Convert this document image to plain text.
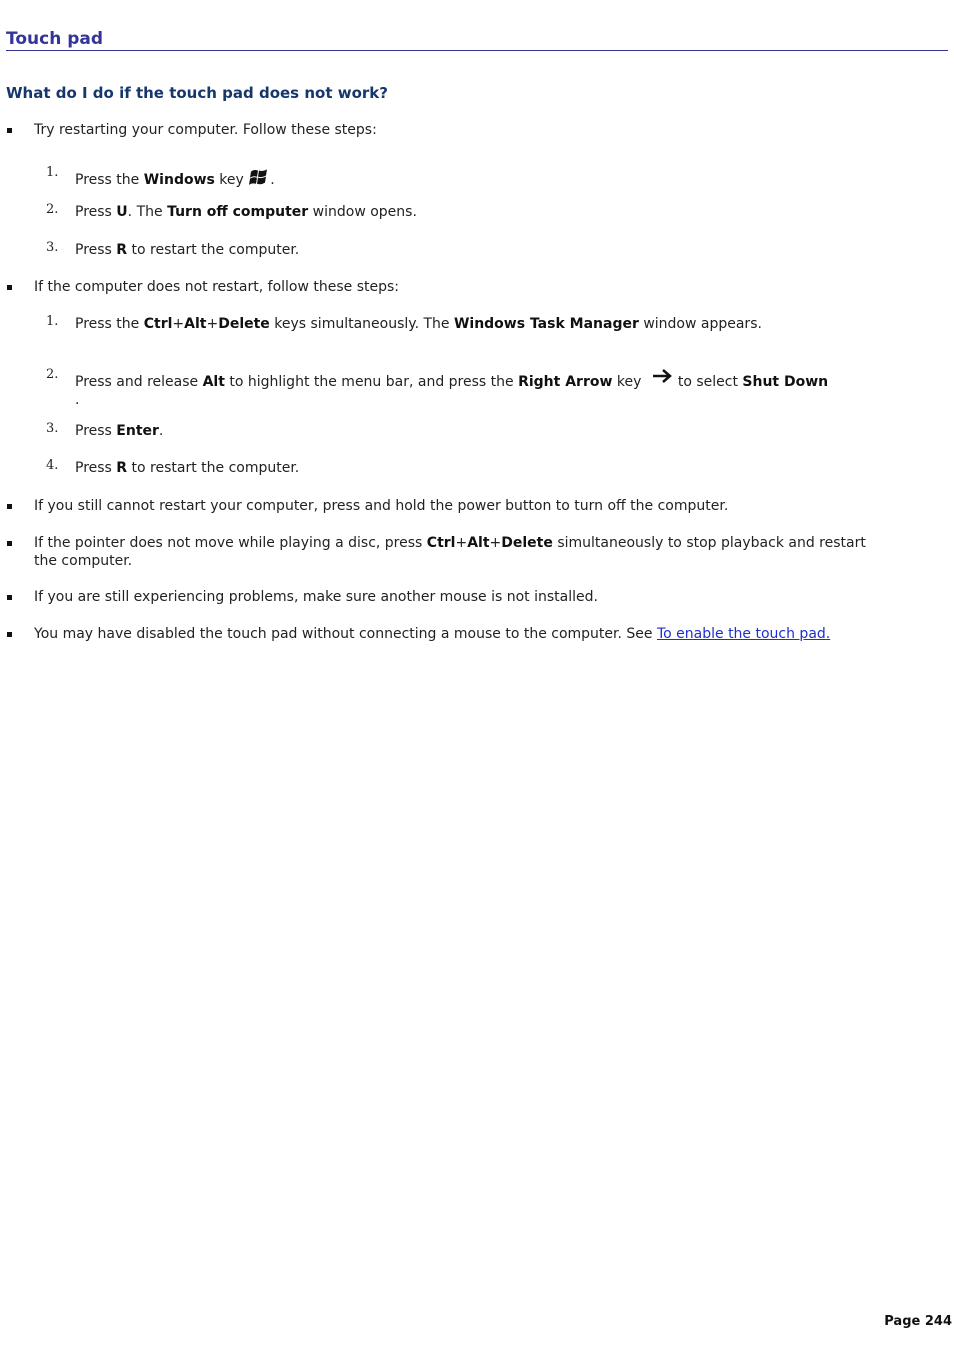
Touch pad
What do I do if the touch pad does not work?
Try restarting your computer. Follow these steps:
1. Press the Windows key .
2. Press U. The Turn off computer window opens.
3. Press R to restart the computer.
If the computer does not restart, follow these steps:
1. Press the Ctrl+Alt+Delete keys simultaneously. The Windows Task Manager window appears.
2. Press and release Alt to highlight the menu bar, and press the Right Arrow key	to select Shut Down
.
3. Press Enter.
4. Press R to restart the computer.
If you still cannot restart your computer, press and hold the power button to turn off the computer.
If the pointer does not move while playing a disc, press Ctrl+Alt+Delete simultaneously to stop playback and restart the computer.
If you are still experiencing problems, make sure another mouse is not installed.
You may have disabled the touch pad without connecting a mouse to the computer. See To enable the touch pad.
Page 244
